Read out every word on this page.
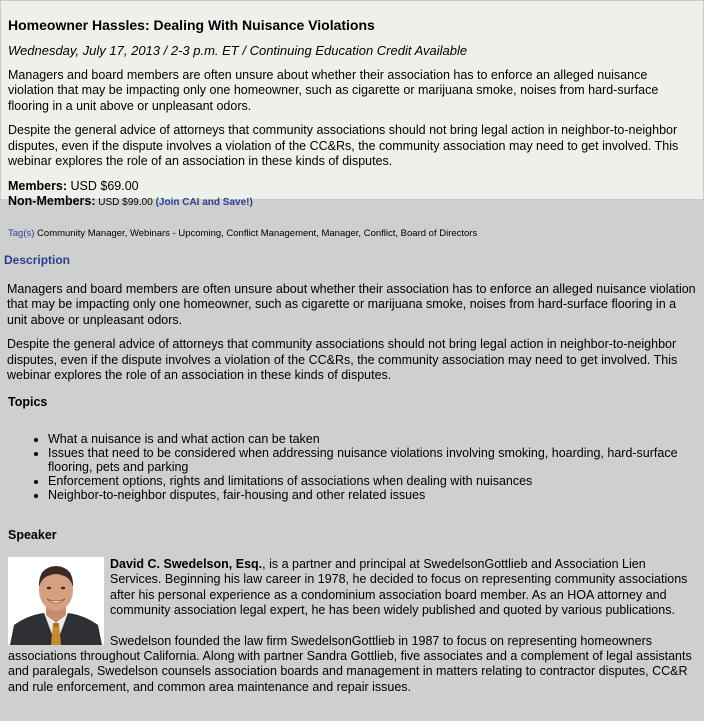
Homeowner Hassles: Dealing With Nuisance Violations
Wednesday, July 17, 2013 / 2-3 p.m. ET / Continuing Education Credit Available

Managers and board members are often unsure about whether their association has to enforce an alleged nuisance violation that may be impacting only one homeowner, such as cigarette or marijuana smoke, noises from hard-surface flooring in a unit above or unpleasant odors.

Despite the general advice of attorneys that community associations should not bring legal action in neighbor-to-neighbor disputes, even if the dispute involves a violation of the CC&Rs, the community association may need to get involved. This webinar explores the role of an association in these kinds of disputes.

Members: USD $69.00
Non-Members: USD $99.00 (Join CAI and Save!)
Tag(s) Community Manager, Webinars - Upcoming, Conflict Management, Manager, Conflict, Board of Directors
Description

Managers and board members are often unsure about whether their association has to enforce an alleged nuisance violation that may be impacting only one homeowner, such as cigarette or marijuana smoke, noises from hard-surface flooring in a unit above or unpleasant odors.

Despite the general advice of attorneys that community associations should not bring legal action in neighbor-to-neighbor disputes, even if the dispute involves a violation of the CC&Rs, the community association may need to get involved. This webinar explores the role of an association in these kinds of disputes.

Topics
• What a nuisance is and what action can be taken
• Issues that need to be considered when addressing nuisance violations involving smoking, hoarding, hard-surface flooring, pets and parking
• Enforcement options, rights and limitations of associations when dealing with nuisances
• Neighbor-to-neighbor disputes, fair-housing and other related issues
Speaker

David C. Swedelson, Esq., is a partner and principal at SwedelsonGottlieb and Association Lien Services. Beginning his law career in 1978, he decided to focus on representing community associations after his personal experience as a condominium association board member. As an HOA attorney and community association legal expert, he has been widely published and quoted by various publications.

Swedelson founded the law firm SwedelsonGottlieb in 1987 to focus on representing homeowners associations throughout California. Along with partner Sandra Gottlieb, five associates and a complement of legal assistants and paralegals, Swedelson counsels association boards and management in matters relating to contractor disputes, CC&R and rule enforcement, and common area maintenance and repair issues.
